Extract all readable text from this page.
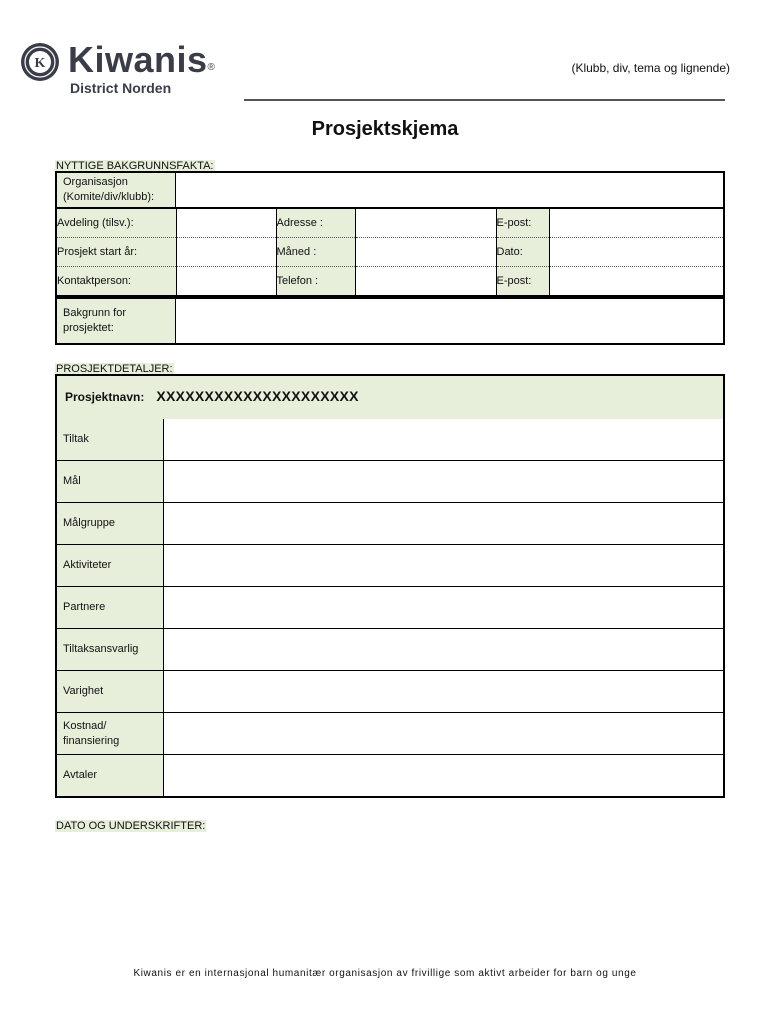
K Kiwanis®
District Norden
(Klubb, div, tema og lignende)
Prosjektskjema
NYTTIGE BAKGRUNNSFAKTA:
Organisasjon
(Komite/div/klubb):	

Avdeling (tilsv.):		Adresse :		E-post:	
Prosjekt start år:		Måned :		Dato:	
Kontaktperson:		Telefon :		E-post:	

Bakgrunn for
prosjektet:	
PROSJEKTDETALJER:
Prosjektnavn: XXXXXXXXXXXXXXXXXXXXX	
Tiltak	
Mål	
Målgruppe	
Aktiviteter	
Partnere	
Tiltaksansvarlig	
Varighet	
Kostnad/
finansiering	
Avtaler	
DATO OG UNDERSKRIFTER:
Kiwanis er en internasjonal humanitær organisasjon av frivillige som aktivt arbeider for barn og unge
